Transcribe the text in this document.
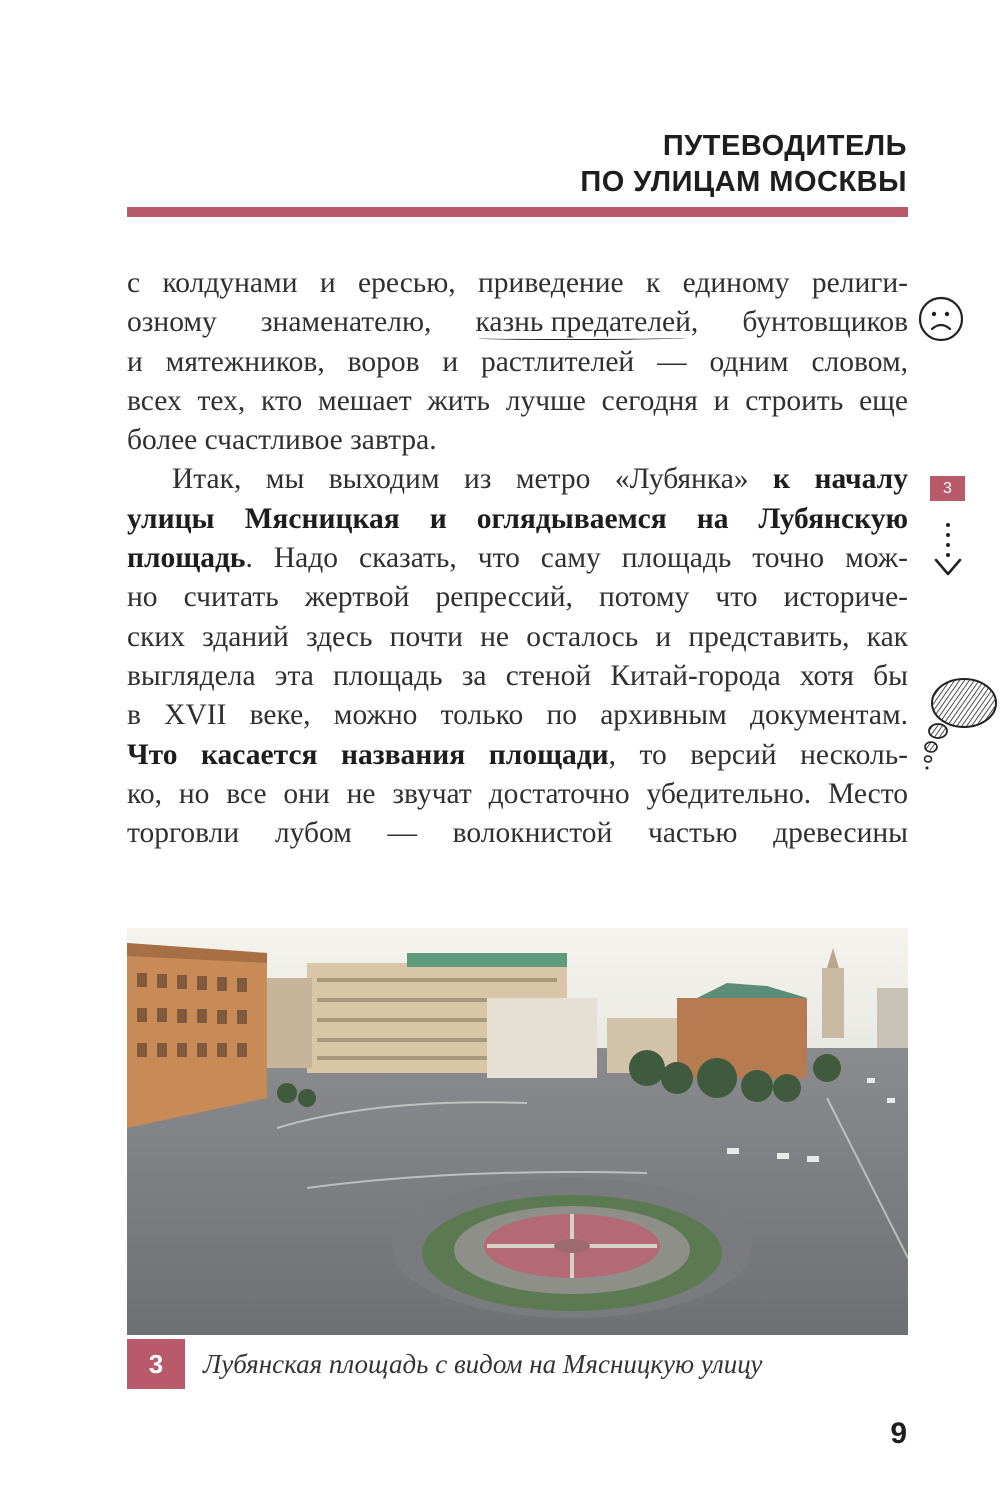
ПУТЕВОДИТЕЛЬ
ПО УЛИЦАМ МОСКВЫ
с колдунами и ересью, приведение к единому религи-
озному знаменателю, казнь предателей, бунтовщиков
и мятежников, воров и растлителей — одним словом,
всех тех, кто мешает жить лучше сегодня и строить еще
более счастливое завтра.
Итак, мы выходим из метро «Лубянка» к началу
улицы Мясницкая и оглядываемся на Лубянскую
площадь. Надо сказать, что саму площадь точно мож-
но считать жертвой репрессий, потому что историче-
ских зданий здесь почти не осталось и представить, как
выглядела эта площадь за стеной Китай-города хотя бы
в XVII веке, можно только по архивным документам.
Что касается названия площади, то версий несколь-
ко, но все они не звучат достаточно убедительно. Место
торговли лубом — волокнистой частью древесины
3
3	Лубянская площадь с видом на Мясницкую улицу
9
